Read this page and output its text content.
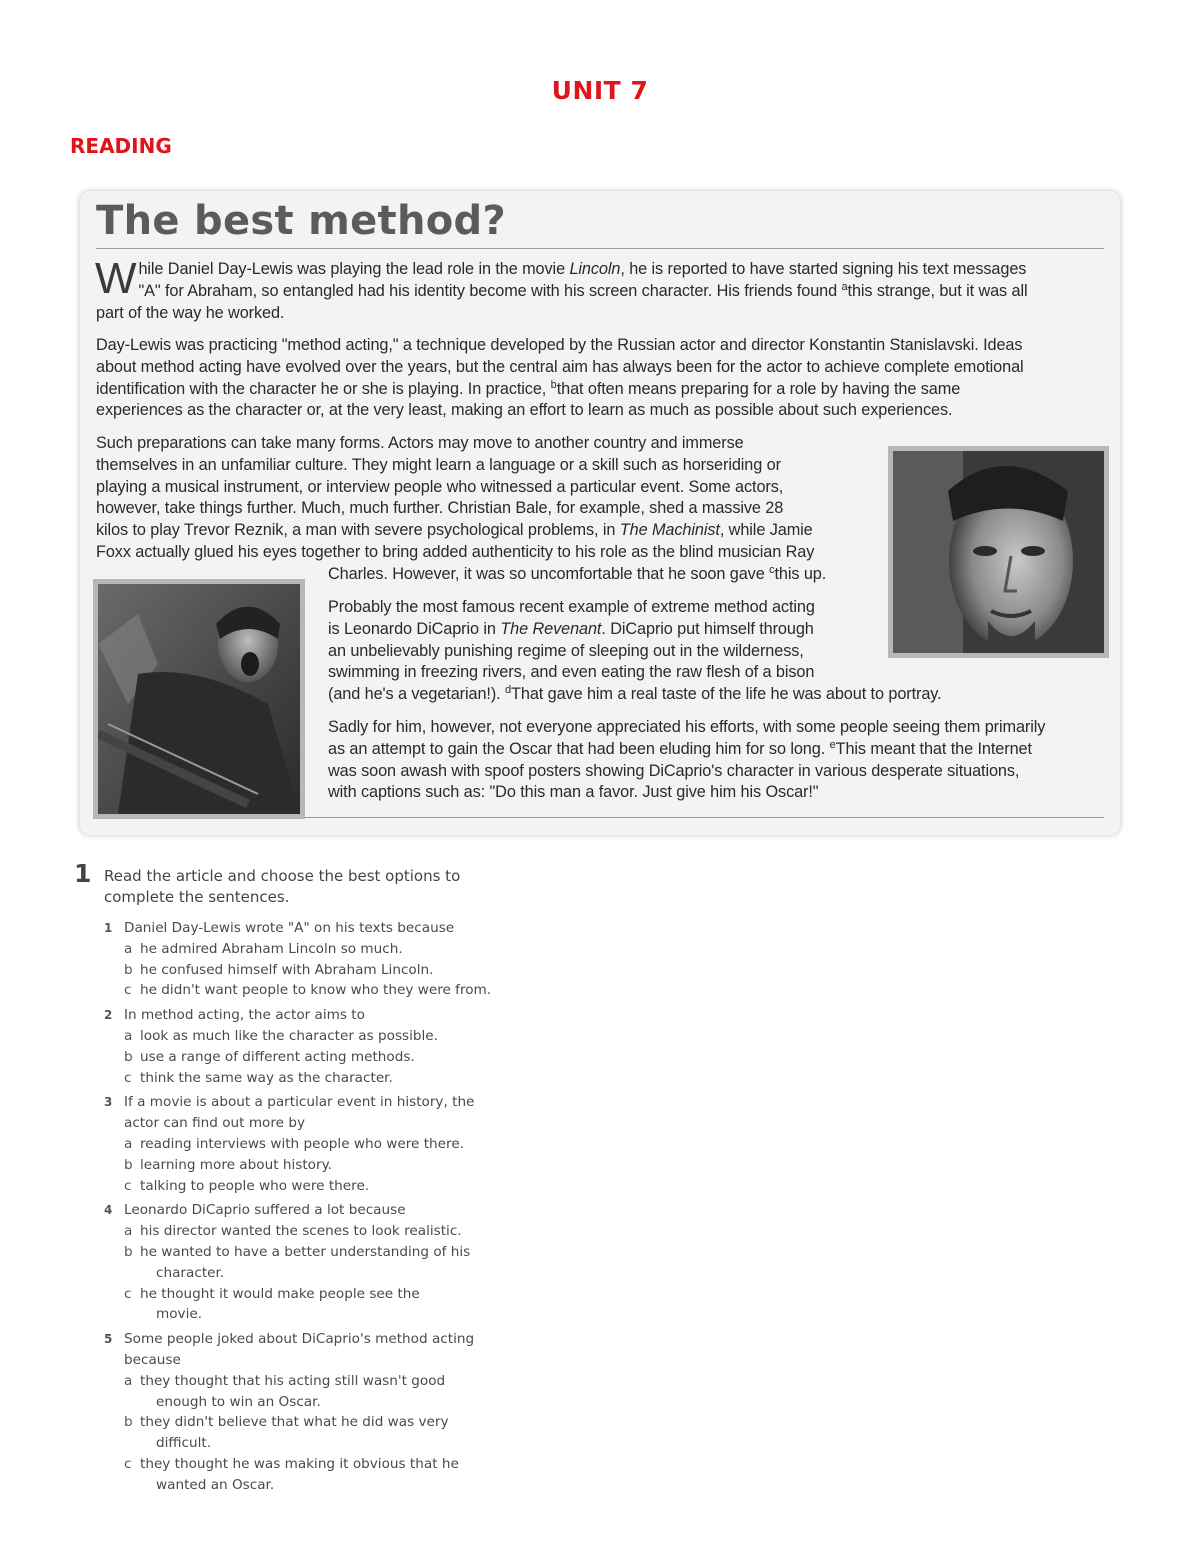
UNIT 7
READING
The best method?
W hile Daniel Day-Lewis was playing the lead role in the movie Lincoln, he is reported to have started signing his text messages
"A" for Abraham, so entangled had his identity become with his screen character. His friends found $^a$this strange, but it was all
part of the way he worked.
Day-Lewis was practicing "method acting," a technique developed by the Russian actor and director Konstantin Stanislavski. Ideas
about method acting have evolved over the years, but the central aim has always been for the actor to achieve complete emotional
identification with the character he or she is playing. In practice, $^b$that often means preparing for a role by having the same
experiences as the character or, at the very least, making an effort to learn as much as possible about such experiences.
Such preparations can take many forms. Actors may move to another country and immerse
themselves in an unfamiliar culture. They might learn a language or a skill such as horseriding or
playing a musical instrument, or interview people who witnessed a particular event. Some actors,
however, take things further. Much, much further. Christian Bale, for example, shed a massive 28
kilos to play Trevor Reznik, a man with severe psychological problems, in The Machinist, while Jamie
Foxx actually glued his eyes together to bring added authenticity to his role as the blind musician Ray
Charles. However, it was so uncomfortable that he soon gave $^c$this up.
Probably the most famous recent example of extreme method acting
is Leonardo DiCaprio in The Revenant. DiCaprio put himself through
an unbelievably punishing regime of sleeping out in the wilderness,
swimming in freezing rivers, and even eating the raw flesh of a bison
(and he's a vegetarian!). $^d$That gave him a real taste of the life he was about to portray.
Sadly for him, however, not everyone appreciated his efforts, with some people seeing them primarily
as an attempt to gain the Oscar that had been eluding him for so long. $^e$This meant that the Internet
was soon awash with spoof posters showing DiCaprio's character in various desperate situations,
with captions such as: "Do this man a favor. Just give him his Oscar!"
1 Read the article and choose the best options to
complete the sentences.
1 Daniel Day-Lewis wrote "A" on his texts because
a he admired Abraham Lincoln so much.
b he confused himself with Abraham Lincoln.
c he didn't want people to know who they were from.
2 In method acting, the actor aims to
a look as much like the character as possible.
b use a range of different acting methods.
c think the same way as the character.
3 If a movie is about a particular event in history, the
actor can find out more by
a reading interviews with people who were there.
b learning more about history.
c talking to people who were there.
4 Leonardo DiCaprio suffered a lot because
a his director wanted the scenes to look realistic.
b he wanted to have a better understanding of his
character.
c he thought it would make people see the
movie.
5 Some people joked about DiCaprio's method acting
because
a they thought that his acting still wasn't good
enough to win an Oscar.
b they didn't believe that what he did was very
difficult.
c they thought he was making it obvious that he
wanted an Oscar.
